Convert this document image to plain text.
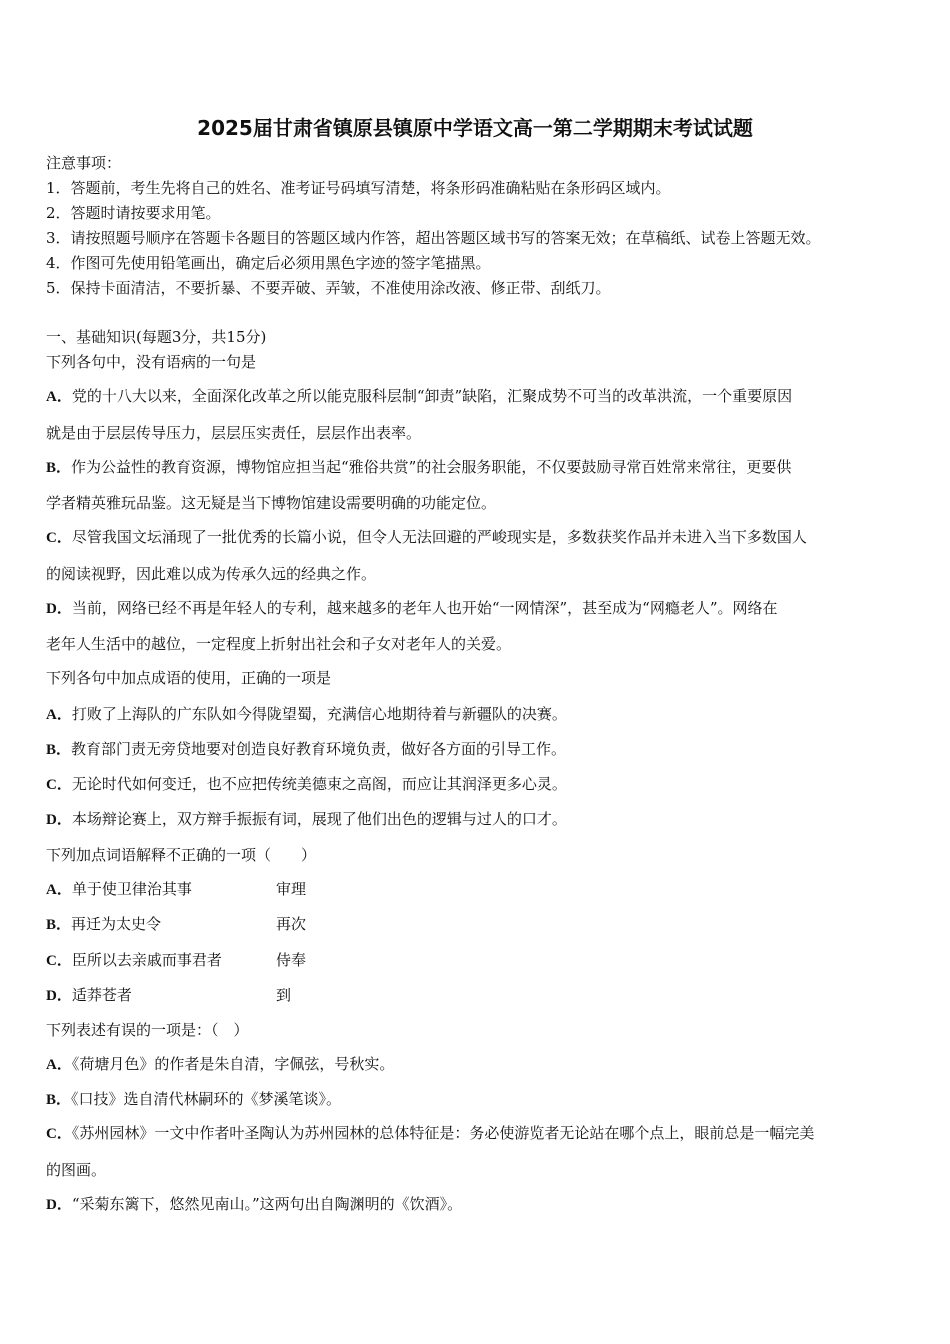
2025届甘肃省镇原县镇原中学语文高一第二学期期末考试试题
注意事项：
1．答题前，考生先将自己的姓名、准考证号码填写清楚，将条形码准确粘贴在条形码区域内。
2．答题时请按要求用笔。
3．请按照题号顺序在答题卡各题目的答题区域内作答，超出答题区域书写的答案无效；在草稿纸、试卷上答题无效。
4．作图可先使用铅笔画出，确定后必须用黑色字迹的签字笔描黑。
5．保持卡面清洁，不要折暴、不要弄破、弄皱，不准使用涂改液、修正带、刮纸刀。
一、基础知识(每题3分，共15分)
下列各句中，没有语病的一句是
A．党的十八大以来，全面深化改革之所以能克服科层制“卸责”缺陷，汇聚成势不可当的改革洪流，一个重要原因
就是由于层层传导压力，层层压实责任，层层作出表率。
B．作为公益性的教育资源，博物馆应担当起“雅俗共赏”的社会服务职能，不仅要鼓励寻常百姓常来常往，更要供
学者精英雅玩品鉴。这无疑是当下博物馆建设需要明确的功能定位。
C．尽管我国文坛涌现了一批优秀的长篇小说，但令人无法回避的严峻现实是，多数获奖作品并未进入当下多数国人
的阅读视野，因此难以成为传承久远的经典之作。
D．当前，网络已经不再是年轻人的专利，越来越多的老年人也开始“一网情深”，甚至成为“网瘾老人”。网络在
老年人生活中的越位，一定程度上折射出社会和子女对老年人的关爱。
下列各句中加点成语的使用，正确的一项是
A．打败了上海队的广东队如今得陇望蜀，充满信心地期待着与新疆队的决赛。
B．教育部门责无旁贷地要对创造良好教育环境负责，做好各方面的引导工作。
C．无论时代如何变迁，也不应把传统美德束之高阁，而应让其润泽更多心灵。
D．本场辩论赛上，双方辩手振振有词，展现了他们出色的逻辑与过人的口才。
下列加点词语解释不正确的一项（　　）
A．单于使卫律治其事	审理
B．再迁为太史令	再次
C．臣所以去亲戚而事君者	侍奉
D．适莽苍者	到
下列表述有误的一项是：（　）
A．《荷塘月色》的作者是朱自清，字佩弦，号秋实。
B．《口技》选自清代林嗣环的《梦溪笔谈》。
C．《苏州园林》一文中作者叶圣陶认为苏州园林的总体特征是：务必使游览者无论站在哪个点上，眼前总是一幅完美
的图画。
D．“采菊东篱下，悠然见南山。”这两句出自陶渊明的《饮酒》。
